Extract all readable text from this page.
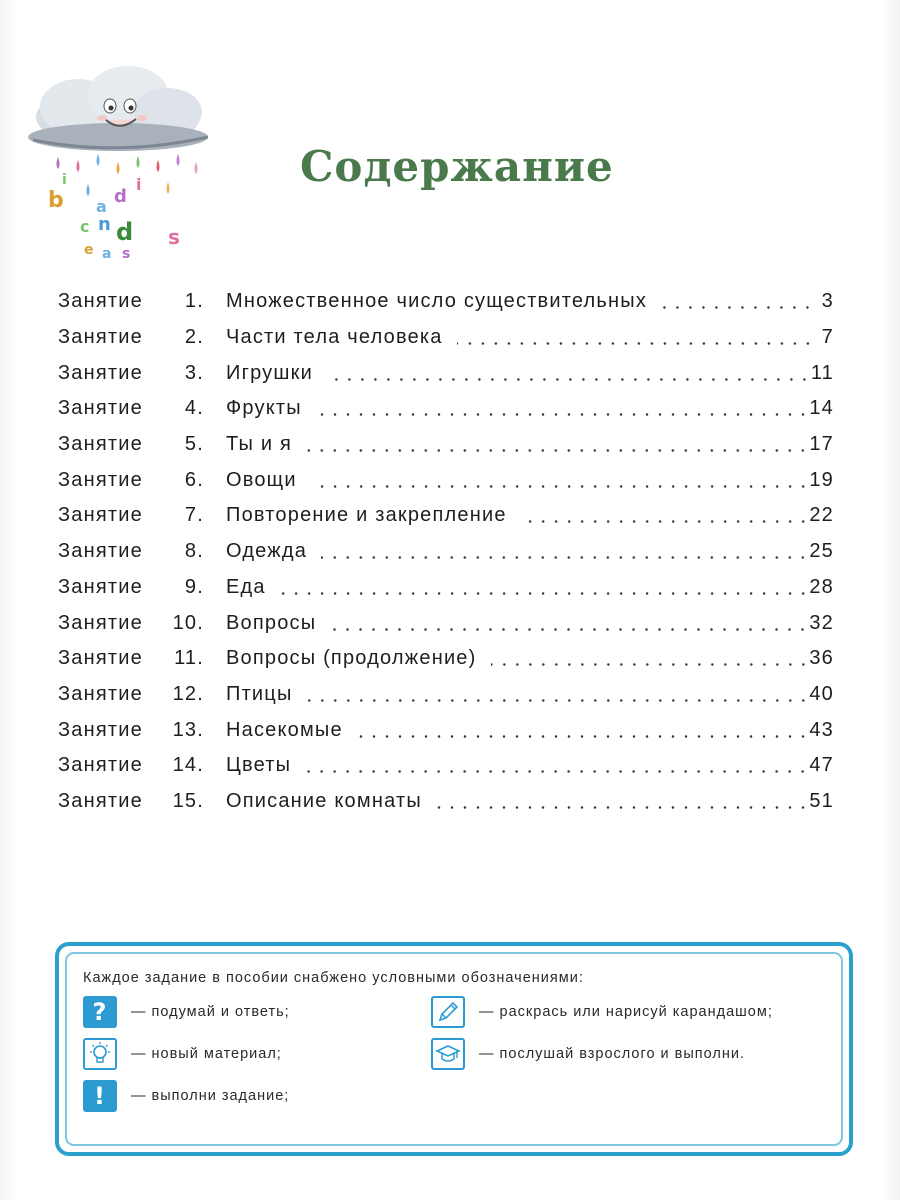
b
i
a d
i
c n d s
e a s
Содержание
Занятие	1. Множественное число существительных	3
Занятие	2. Части тела человека	7
Занятие	3. Игрушки	11
Занятие	4. Фрукты	14
Занятие	5. Ты и я	17
Занятие	6. Овощи	19
Занятие	7. Повторение и закрепление	22
Занятие	8. Одежда	25
Занятие	9. Еда	28
Занятие	10. Вопросы	32
Занятие	11. Вопросы (продолжение)	36
Занятие	12. Птицы	40
Занятие	13. Насекомые	43
Занятие	14. Цветы	47
Занятие	15. Описание комнаты	51
Каждое задание в пособии снабжено условными обозначениями:
?	— подумай и ответь;
— новый материал;
!	— выполни задание;
— раскрась или нарисуй карандашом;
— послушай взрослого и выполни.
